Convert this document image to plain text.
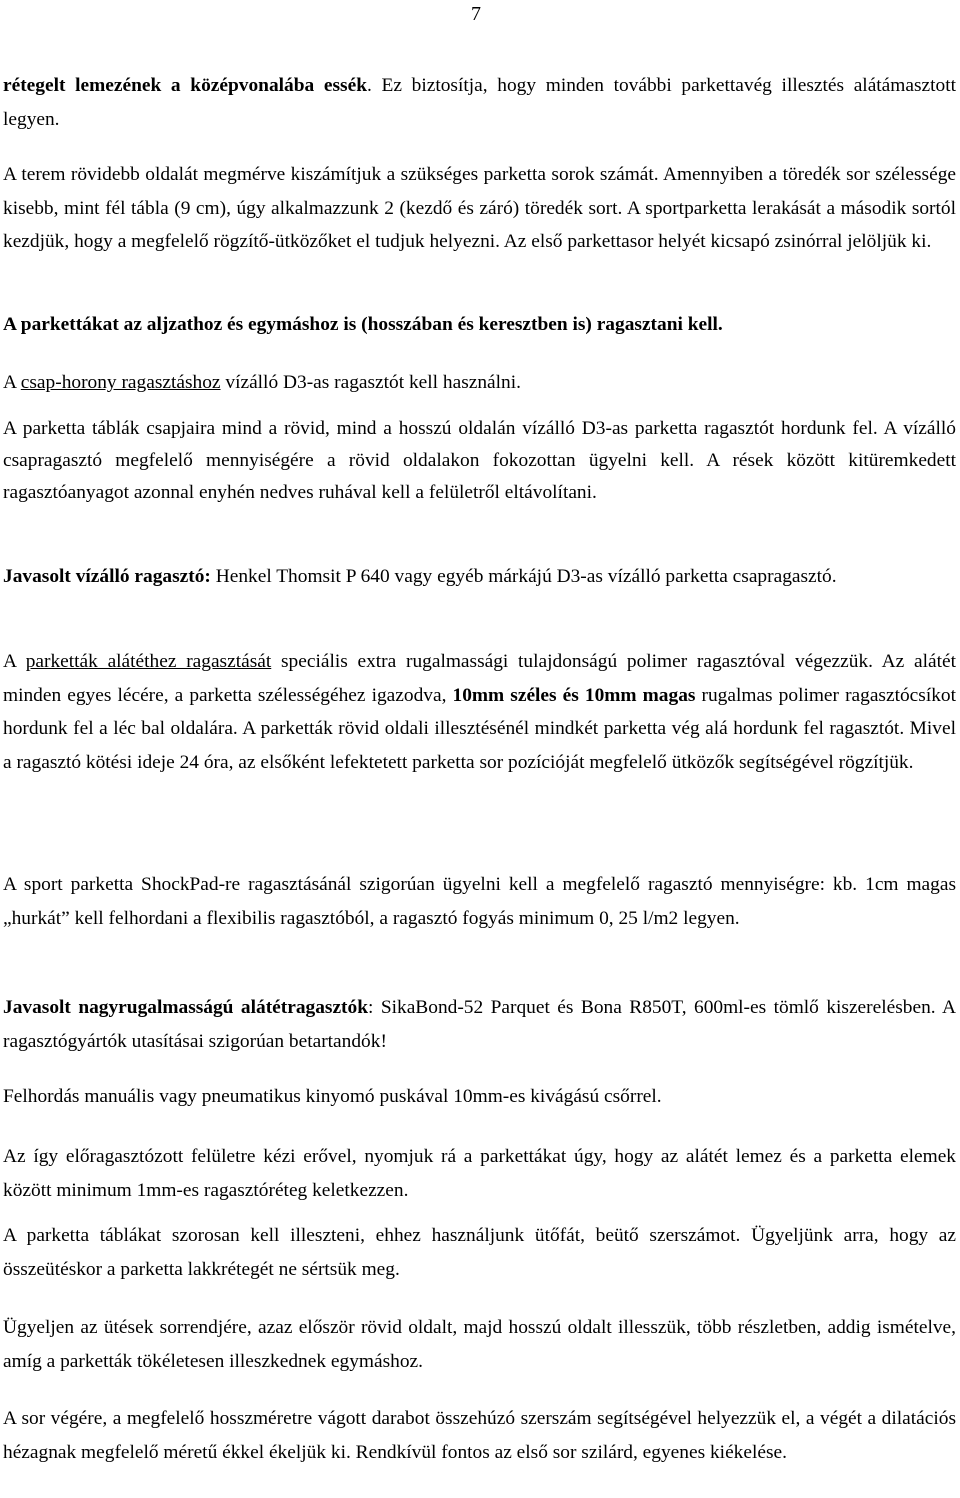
7

rétegelt lemezének a középvonalába essék. Ez biztosítja, hogy minden további parkettavég illesztés alátámasztott legyen.

A terem rövidebb oldalát megmérve kiszámítjuk a szükséges parketta sorok számát. Amennyiben a töredék sor szélessége kisebb, mint fél tábla (9 cm), úgy alkalmazzunk 2 (kezdő és záró) töredék sort. A sportparketta lerakását a második sortól kezdjük, hogy a megfelelő rögzítő-ütközőket el tudjuk helyezni. Az első parkettasor helyét kicsapó zsinórral jelöljük ki.

A parkettákat az aljzathoz és egymáshoz is (hosszában és keresztben is) ragasztani kell.

A csap-horony ragasztáshoz vízálló D3-as ragasztót kell használni.

A parketta táblák csapjaira mind a rövid, mind a hosszú oldalán vízálló D3-as parketta ragasztót hordunk fel. A vízálló csapragasztó megfelelő mennyiségére a rövid oldalakon fokozottan ügyelni kell. A rések között kitüremkedett ragasztóanyagot azonnal enyhén nedves ruhával kell a felületről eltávolítani.

Javasolt vízálló ragasztó: Henkel Thomsit P 640 vagy egyéb márkájú D3-as vízálló parketta csapragasztó.

A parketták alátéthez ragasztását speciális extra rugalmassági tulajdonságú polimer ragasztóval végezzük. Az alátét minden egyes lécére, a parketta szélességéhez igazodva, 10mm széles és 10mm magas rugalmas polimer ragasztócsíkot hordunk fel a léc bal oldalára. A parketták rövid oldali illesztésénél mindkét parketta vég alá hordunk fel ragasztót. Mivel a ragasztó kötési ideje 24 óra, az elsőként lefektetett parketta sor pozícióját megfelelő ütközők segítségével rögzítjük.

A sport parketta ShockPad-re ragasztásánál szigorúan ügyelni kell a megfelelő ragasztó mennyiségre: kb. 1cm magas „hurkát” kell felhordani a flexibilis ragasztóból, a ragasztó fogyás minimum 0, 25 l/m2 legyen.

Javasolt nagyrugalmasságú alátétragasztók: SikaBond-52 Parquet és Bona R850T, 600ml-es tömlő kiszerelésben. A ragasztógyártók utasításai szigorúan betartandók!

Felhordás manuális vagy pneumatikus kinyomó puskával 10mm-es kivágású csőrrel.

Az így előragasztózott felületre kézi erővel, nyomjuk rá a parkettákat úgy, hogy az alátét lemez és a parketta elemek között minimum 1mm-es ragasztóréteg keletkezzen.

A parketta táblákat szorosan kell illeszteni, ehhez használjunk ütőfát, beütő szerszámot. Ügyeljünk arra, hogy az összeütéskor a parketta lakkrétegét ne sértsük meg.

Ügyeljen az ütések sorrendjére, azaz először rövid oldalt, majd hosszú oldalt illesszük, több részletben, addig ismételve, amíg a parketták tökéletesen illeszkednek egymáshoz.

A sor végére, a megfelelő hosszméretre vágott darabot összehúzó szerszám segítségével helyezzük el, a végét a dilatációs hézagnak megfelelő méretű ékkel ékeljük ki. Rendkívül fontos az első sor szilárd, egyenes kiékelése.
